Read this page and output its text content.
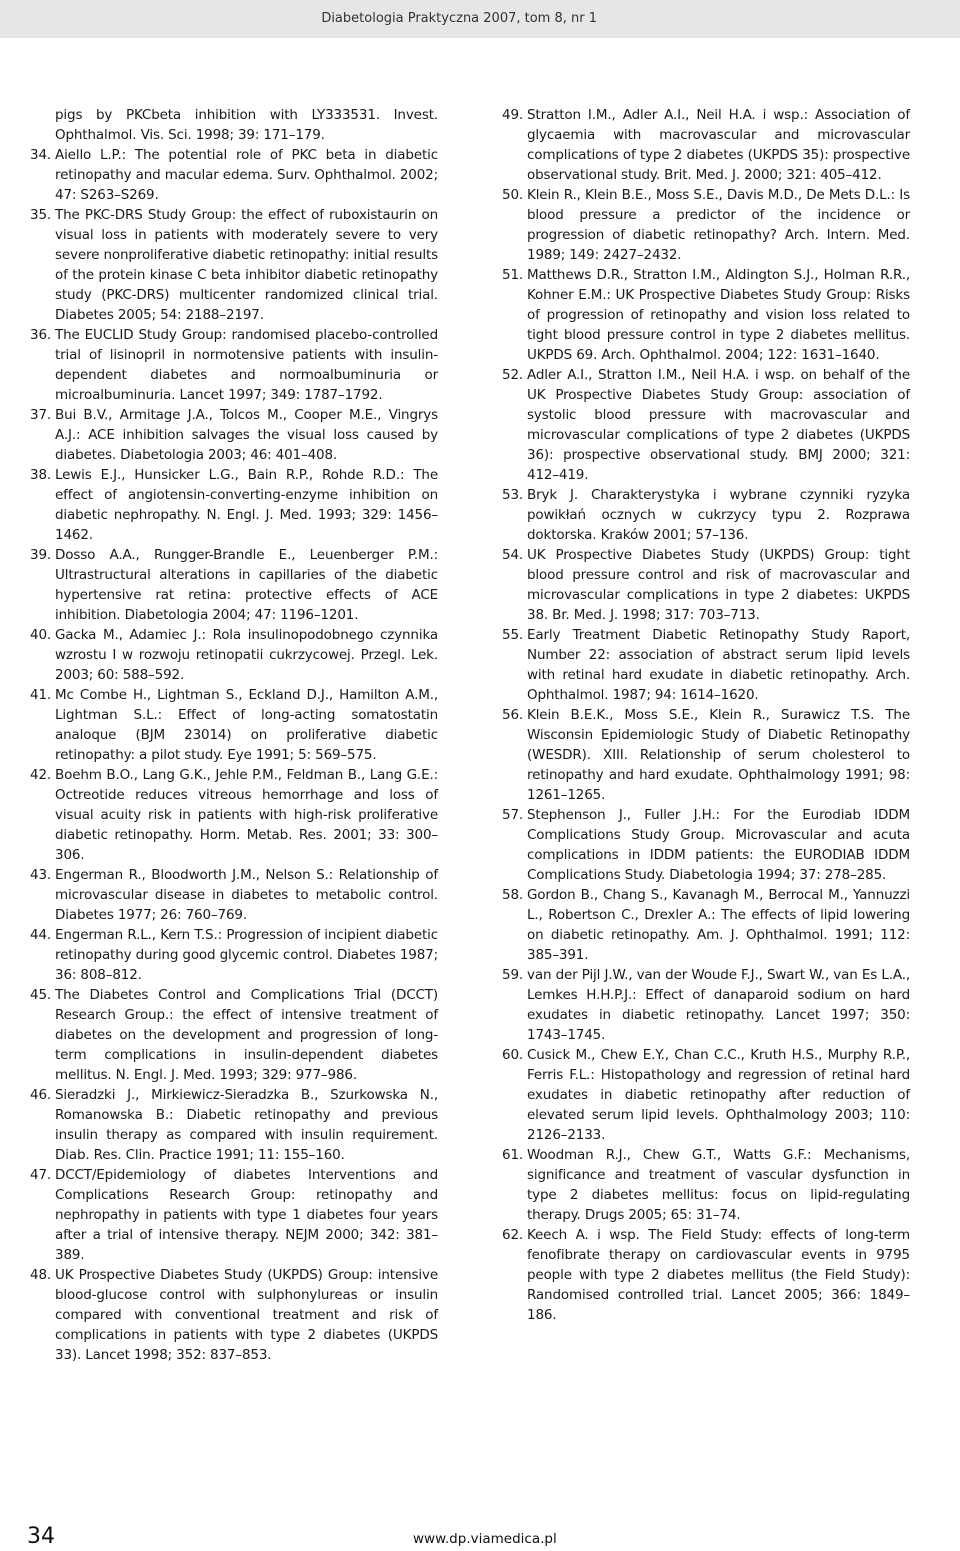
Diabetologia Praktyczna 2007, tom 8, nr 1

pigs by PKCbeta inhibition with LY333531. Invest. Ophthalmol. Vis. Sci. 1998; 39: 171–179.

34. Aiello L.P.: The potential role of PKC beta in diabetic retinopathy and macular edema. Surv. Ophthalmol. 2002; 47: S263–S269.

35. The PKC-DRS Study Group: the effect of ruboxistaurin on visual loss in patients with moderately severe to very severe nonproliferative diabetic retinopathy: initial results of the protein kinase C beta inhibitor diabetic retinopathy study (PKC-DRS) multicenter randomized clinical trial. Diabetes 2005; 54: 2188–2197.

36. The EUCLID Study Group: randomised placebo-controlled trial of lisinopril in normotensive patients with insulin-dependent diabetes and normoalbuminuria or microalbuminuria. Lancet 1997; 349: 1787–1792.

37. Bui B.V., Armitage J.A., Tolcos M., Cooper M.E., Vingrys A.J.: ACE inhibition salvages the visual loss caused by diabetes. Diabetologia 2003; 46: 401–408.

38. Lewis E.J., Hunsicker L.G., Bain R.P., Rohde R.D.: The effect of angiotensin-converting-enzyme inhibition on diabetic nephropathy. N. Engl. J. Med. 1993; 329: 1456–1462.

39. Dosso A.A., Rungger-Brandle E., Leuenberger P.M.: Ultrastructural alterations in capillaries of the diabetic hypertensive rat retina: protective effects of ACE inhibition. Diabetologia 2004; 47: 1196–1201.

40. Gacka M., Adamiec J.: Rola insulinopodobnego czynnika wzrostu I w rozwoju retinopatii cukrzycowej. Przegl. Lek. 2003; 60: 588–592.

41. Mc Combe H., Lightman S., Eckland D.J., Hamilton A.M., Lightman S.L.: Effect of long-acting somatostatin analoque (BJM 23014) on proliferative diabetic retinopathy: a pilot study. Eye 1991; 5: 569–575.

42. Boehm B.O., Lang G.K., Jehle P.M., Feldman B., Lang G.E.: Octreotide reduces vitreous hemorrhage and loss of visual acuity risk in patients with high-risk proliferative diabetic retinopathy. Horm. Metab. Res. 2001; 33: 300–306.

43. Engerman R., Bloodworth J.M., Nelson S.: Relationship of microvascular disease in diabetes to metabolic control. Diabetes 1977; 26: 760–769.

44. Engerman R.L., Kern T.S.: Progression of incipient diabetic retinopathy during good glycemic control. Diabetes 1987; 36: 808–812.

45. The Diabetes Control and Complications Trial (DCCT) Research Group.: the effect of intensive treatment of diabetes on the development and progression of long-term complications in insulin-dependent diabetes mellitus. N. Engl. J. Med. 1993; 329: 977–986.

46. Sieradzki J., Mirkiewicz-Sieradzka B., Szurkowska N., Romanowska B.: Diabetic retinopathy and previous insulin therapy as compared with insulin requirement. Diab. Res. Clin. Practice 1991; 11: 155–160.

47. DCCT/Epidemiology of diabetes Interventions and Complications Research Group: retinopathy and nephropathy in patients with type 1 diabetes four years after a trial of intensive therapy. NEJM 2000; 342: 381–389.

48. UK Prospective Diabetes Study (UKPDS) Group: intensive blood-glucose control with sulphonylureas or insulin compared with conventional treatment and risk of complications in patients with type 2 diabetes (UKPDS 33). Lancet 1998; 352: 837–853.

49. Stratton I.M., Adler A.I., Neil H.A. i wsp.: Association of glycaemia with macrovascular and microvascular complications of type 2 diabetes (UKPDS 35): prospective observational study. Brit. Med. J. 2000; 321: 405–412.

50. Klein R., Klein B.E., Moss S.E., Davis M.D., De Mets D.L.: Is blood pressure a predictor of the incidence or progression of diabetic retinopathy? Arch. Intern. Med. 1989; 149: 2427–2432.

51. Matthews D.R., Stratton I.M., Aldington S.J., Holman R.R., Kohner E.M.: UK Prospective Diabetes Study Group: Risks of progression of retinopathy and vision loss related to tight blood pressure control in type 2 diabetes mellitus. UKPDS 69. Arch. Ophthalmol. 2004; 122: 1631–1640.

52. Adler A.I., Stratton I.M., Neil H.A. i wsp. on behalf of the UK Prospective Diabetes Study Group: association of systolic blood pressure with macrovascular and microvascular complications of type 2 diabetes (UKPDS 36): prospective observational study. BMJ 2000; 321: 412–419.

53. Bryk J. Charakterystyka i wybrane czynniki ryzyka powikłań ocznych w cukrzycy typu 2. Rozprawa doktorska. Kraków 2001; 57–136.

54. UK Prospective Diabetes Study (UKPDS) Group: tight blood pressure control and risk of macrovascular and microvascular complications in type 2 diabetes: UKPDS 38. Br. Med. J. 1998; 317: 703–713.

55. Early Treatment Diabetic Retinopathy Study Raport, Number 22: association of abstract serum lipid levels with retinal hard exudate in diabetic retinopathy. Arch. Ophthalmol. 1987; 94: 1614–1620.

56. Klein B.E.K., Moss S.E., Klein R., Surawicz T.S. The Wisconsin Epidemiologic Study of Diabetic Retinopathy (WESDR). XIII. Relationship of serum cholesterol to retinopathy and hard exudate. Ophthalmology 1991; 98: 1261–1265.

57. Stephenson J., Fuller J.H.: For the Eurodiab IDDM Complications Study Group. Microvascular and acuta complications in IDDM patients: the EURODIAB IDDM Complications Study. Diabetologia 1994; 37: 278–285.

58. Gordon B., Chang S., Kavanagh M., Berrocal M., Yannuzzi L., Robertson C., Drexler A.: The effects of lipid lowering on diabetic retinopathy. Am. J. Ophthalmol. 1991; 112: 385–391.

59. van der Pijl J.W., van der Woude F.J., Swart W., van Es L.A., Lemkes H.H.P.J.: Effect of danaparoid sodium on hard exudates in diabetic retinopathy. Lancet 1997; 350: 1743–1745.

60. Cusick M., Chew E.Y., Chan C.C., Kruth H.S., Murphy R.P., Ferris F.L.: Histopathology and regression of retinal hard exudates in diabetic retinopathy after reduction of elevated serum lipid levels. Ophthalmology 2003; 110: 2126–2133.

61. Woodman R.J., Chew G.T., Watts G.F.: Mechanisms, significance and treatment of vascular dysfunction in type 2 diabetes mellitus: focus on lipid-regulating therapy. Drugs 2005; 65: 31–74.

62. Keech A. i wsp. The Field Study: effects of long-term fenofibrate therapy on cardiovascular events in 9795 people with type 2 diabetes mellitus (the Field Study): Randomised controlled trial. Lancet 2005; 366: 1849–186.

34	www.dp.viamedica.pl
